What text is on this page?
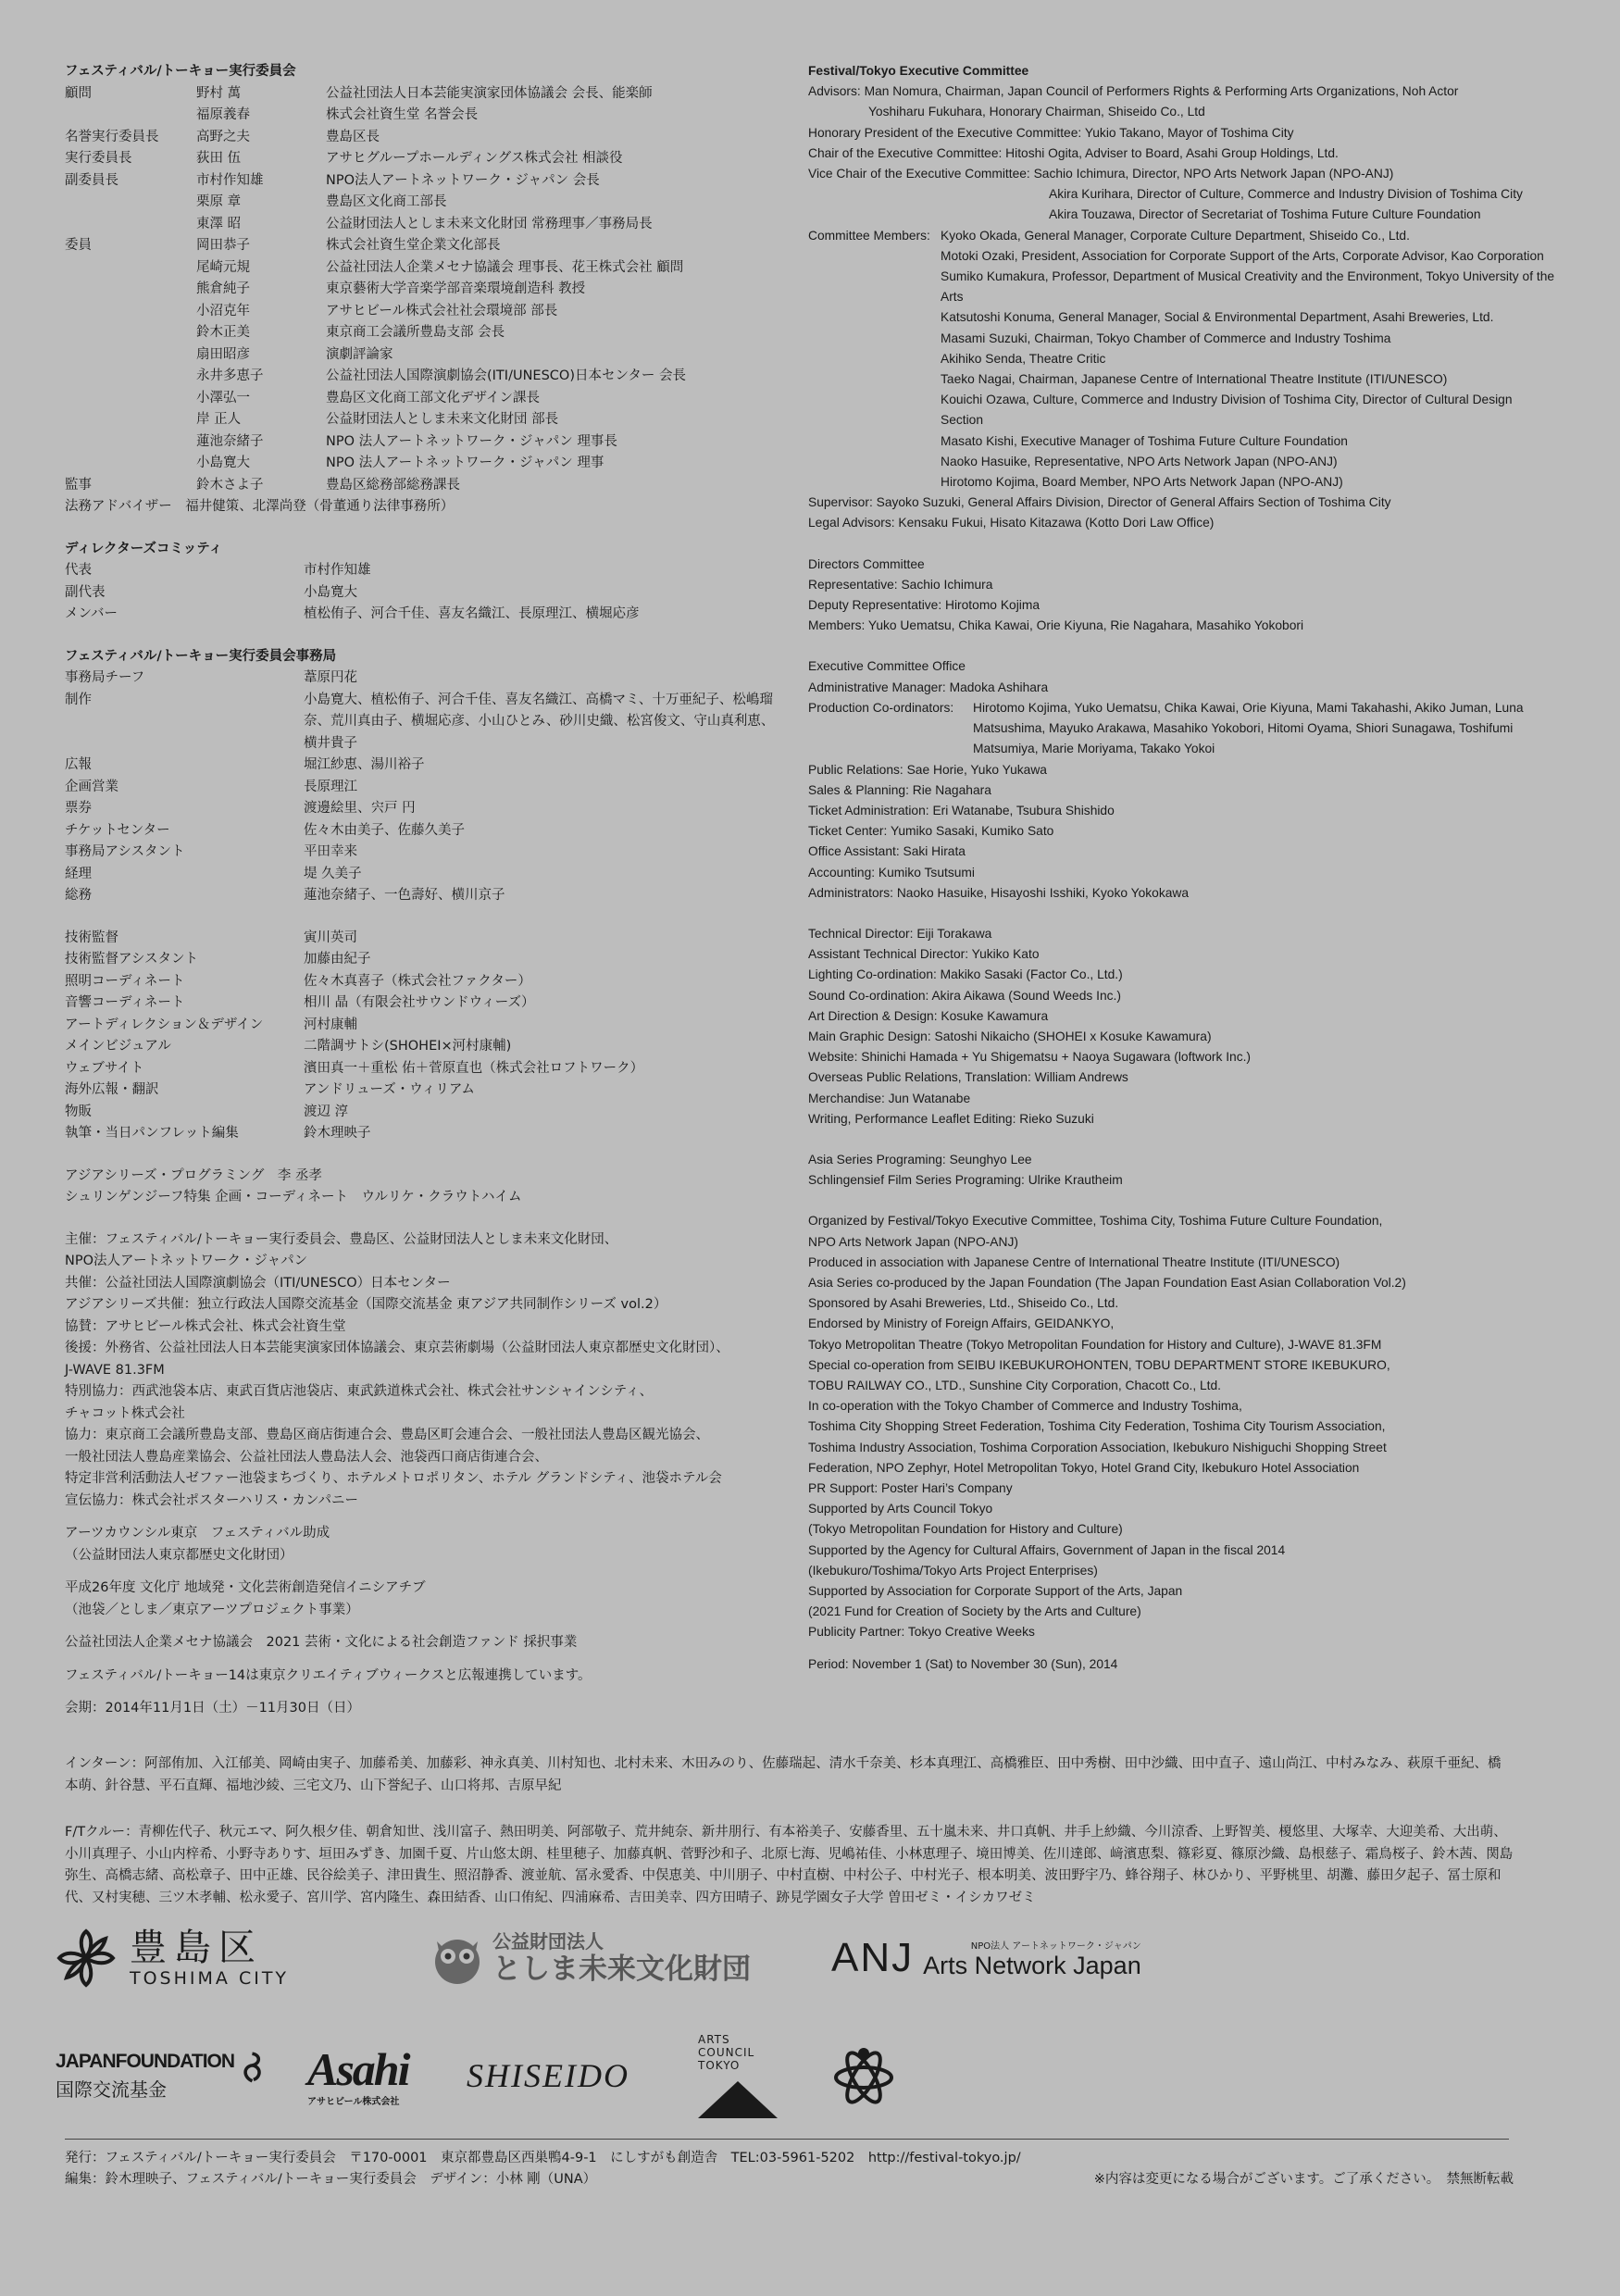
フェスティバル/トーキョー実行委員会
顧問	野村 萬	公益社団法人日本芸能実演家団体協議会 会長、能楽師
	福原義春	株式会社資生堂 名誉会長
名誉実行委員長	高野之夫	豊島区長
実行委員長	荻田 伍	アサヒグループホールディングス株式会社 相談役
副委員長	市村作知雄	NPO法人アートネットワーク・ジャパン 会長
	栗原 章	豊島区文化商工部長
	東澤 昭	公益財団法人としま未来文化財団 常務理事／事務局長
委員	岡田恭子	株式会社資生堂企業文化部長
	尾崎元規	公益社団法人企業メセナ協議会 理事長、花王株式会社 顧問
	熊倉純子	東京藝術大学音楽学部音楽環境創造科 教授
	小沼克年	アサヒビール株式会社社会環境部 部長
	鈴木正美	東京商工会議所豊島支部 会長
	扇田昭彦	演劇評論家
	永井多恵子	公益社団法人国際演劇協会(ITI/UNESCO)日本センター 会長
	小澤弘一	豊島区文化商工部文化デザイン課長
	岸 正人	公益財団法人としま未来文化財団 部長
	蓮池奈緒子	NPO 法人アートネットワーク・ジャパン 理事長
	小島寛大	NPO 法人アートネットワーク・ジャパン 理事
監事	鈴木さよ子	豊島区総務部総務課長
法務アドバイザー　福井健策、北澤尚登（骨董通り法律事務所）
ディレクターズコミッティ
代表	市村作知雄
副代表	小島寛大
メンバー	植松侑子、河合千佳、喜友名織江、長原理江、横堀応彦
フェスティバル/トーキョー実行委員会事務局
事務局チーフ	葦原円花
制作	小島寛大、植松侑子、河合千佳、喜友名織江、高橋マミ、十万亜紀子、松嶋瑠奈、荒川真由子、横堀応彦、小山ひとみ、砂川史織、松宮俊文、守山真利恵、横井貴子
広報	堀江紗恵、湯川裕子
企画営業	長原理江
票券	渡邊絵里、宍戸 円
チケットセンター	佐々木由美子、佐藤久美子
事務局アシスタント	平田幸来
経理	堤 久美子
総務	蓮池奈緒子、一色壽好、横川京子
技術監督	寅川英司
技術監督アシスタント	加藤由紀子
照明コーディネート	佐々木真喜子（株式会社ファクター）
音響コーディネート	相川 晶（有限会社サウンドウィーズ）
アートディレクション＆デザイン	河村康輔
メインビジュアル	二階調サトシ(SHOHEI×河村康輔)
ウェブサイト	濱田真一＋重松 佑＋菅原直也（株式会社ロフトワーク）
海外広報・翻訳	アンドリューズ・ウィリアム
物販	渡辺 淳
執筆・当日パンフレット編集	鈴木理映子
アジアシリーズ・プログラミング　李 丞孝
シュリンゲンジーフ特集 企画・コーディネート　ウルリケ・クラウトハイム
主催：フェスティバル/トーキョー実行委員会、豊島区、公益財団法人としま未来文化財団、
NPO法人アートネットワーク・ジャパン
共催：公益社団法人国際演劇協会（ITI/UNESCO）日本センター
アジアシリーズ共催：独立行政法人国際交流基金（国際交流基金 東アジア共同制作シリーズ vol.2）
協賛：アサヒビール株式会社、株式会社資生堂
後援：外務省、公益社団法人日本芸能実演家団体協議会、東京芸術劇場（公益財団法人東京都歴史文化財団）、
J-WAVE 81.3FM
特別協力：西武池袋本店、東武百貨店池袋店、東武鉄道株式会社、株式会社サンシャインシティ、
チャコット株式会社
協力：東京商工会議所豊島支部、豊島区商店街連合会、豊島区町会連合会、一般社団法人豊島区観光協会、
一般社団法人豊島産業協会、公益社団法人豊島法人会、池袋西口商店街連合会、
特定非営利活動法人ゼファー池袋まちづくり、ホテルメトロポリタン、ホテル グランドシティ、池袋ホテル会
宣伝協力：株式会社ポスターハリス・カンパニー
アーツカウンシル東京　フェスティバル助成
（公益財団法人東京都歴史文化財団）
平成26年度 文化庁 地域発・文化芸術創造発信イニシアチブ
（池袋／としま／東京アーツプロジェクト事業）
公益社団法人企業メセナ協議会　2021 芸術・文化による社会創造ファンド 採択事業
フェスティバル/トーキョー14は東京クリエイティブウィークスと広報連携しています。
会期：2014年11月1日（土）－11月30日（日）
Festival/Tokyo Executive Committee
Advisors: Man Nomura, Chairman, Japan Council of Performers Rights & Performing Arts Organizations, Noh Actor
Yoshiharu Fukuhara, Honorary Chairman, Shiseido Co., Ltd
Honorary President of the Executive Committee: Yukio Takano, Mayor of Toshima City
Chair of the Executive Committee: Hitoshi Ogita, Adviser to Board, Asahi Group Holdings, Ltd.
Vice Chair of the Executive Committee: Sachio Ichimura, Director, NPO Arts Network Japan (NPO-ANJ)
Akira Kurihara, Director of Culture, Commerce and Industry Division of Toshima City
Akira Touzawa, Director of Secretariat of Toshima Future Culture Foundation
Committee Members: Kyoko Okada, General Manager, Corporate Culture Department, Shiseido Co., Ltd.
Motoki Ozaki, President, Association for Corporate Support of the Arts, Corporate Advisor, Kao Corporation
Sumiko Kumakura, Professor, Department of Musical Creativity and the Environment, Tokyo University of the Arts
Katsutoshi Konuma, General Manager, Social & Environmental Department, Asahi Breweries, Ltd.
Masami Suzuki, Chairman, Tokyo Chamber of Commerce and Industry Toshima
Akihiko Senda, Theatre Critic
Taeko Nagai, Chairman, Japanese Centre of International Theatre Institute (ITI/UNESCO)
Kouichi Ozawa, Culture, Commerce and Industry Division of Toshima City, Director of Cultural Design Section
Masato Kishi, Executive Manager of Toshima Future Culture Foundation
Naoko Hasuike, Representative, NPO Arts Network Japan (NPO-ANJ)
Hirotomo Kojima, Board Member, NPO Arts Network Japan (NPO-ANJ)
Supervisor: Sayoko Suzuki, General Affairs Division, Director of General Affairs Section of Toshima City
Legal Advisors: Kensaku Fukui, Hisato Kitazawa (Kotto Dori Law Office)
Directors Committee
Representative: Sachio Ichimura
Deputy Representative: Hirotomo Kojima
Members: Yuko Uematsu, Chika Kawai, Orie Kiyuna, Rie Nagahara, Masahiko Yokobori
Executive Committee Office
Administrative Manager: Madoka Ashihara
Production Co-ordinators:	Hirotomo Kojima, Yuko Uematsu, Chika Kawai, Orie Kiyuna, Mami Takahashi, Akiko Juman, Luna Matsushima, Mayuko Arakawa, Masahiko Yokobori, Hitomi Oyama, Shiori Sunagawa, Toshifumi Matsumiya, Marie Moriyama, Takako Yokoi
Public Relations: Sae Horie, Yuko Yukawa
Sales & Planning: Rie Nagahara
Ticket Administration: Eri Watanabe, Tsubura Shishido
Ticket Center: Yumiko Sasaki, Kumiko Sato
Office Assistant: Saki Hirata
Accounting: Kumiko Tsutsumi
Administrators: Naoko Hasuike, Hisayoshi Isshiki, Kyoko Yokokawa
Technical Director: Eiji Torakawa
Assistant Technical Director: Yukiko Kato
Lighting Co-ordination: Makiko Sasaki (Factor Co., Ltd.)
Sound Co-ordination: Akira Aikawa (Sound Weeds Inc.)
Art Direction & Design: Kosuke Kawamura
Main Graphic Design: Satoshi Nikaicho (SHOHEI x Kosuke Kawamura)
Website: Shinichi Hamada + Yu Shigematsu + Naoya Sugawara (loftwork Inc.)
Overseas Public Relations, Translation: William Andrews
Merchandise: Jun Watanabe
Writing, Performance Leaflet Editing: Rieko Suzuki
Asia Series Programing: Seunghyo Lee
Schlingensief Film Series Programing: Ulrike Krautheim
Organized by Festival/Tokyo Executive Committee, Toshima City, Toshima Future Culture Foundation,
NPO Arts Network Japan (NPO-ANJ)
Produced in association with Japanese Centre of International Theatre Institute (ITI/UNESCO)
Asia Series co-produced by the Japan Foundation (The Japan Foundation East Asian Collaboration Vol.2)
Sponsored by Asahi Breweries, Ltd., Shiseido Co., Ltd.
Endorsed by Ministry of Foreign Affairs, GEIDANKYO,
Tokyo Metropolitan Theatre (Tokyo Metropolitan Foundation for History and Culture), J-WAVE 81.3FM
Special co-operation from SEIBU IKEBUKUROHONTEN, TOBU DEPARTMENT STORE IKEBUKURO,
TOBU RAILWAY CO., LTD., Sunshine City Corporation, Chacott Co., Ltd.
In co-operation with the Tokyo Chamber of Commerce and Industry Toshima,
Toshima City Shopping Street Federation, Toshima City Federation, Toshima City Tourism Association,
Toshima Industry Association, Toshima Corporation Association, Ikebukuro Nishiguchi Shopping Street
Federation, NPO Zephyr, Hotel Metropolitan Tokyo, Hotel Grand City, Ikebukuro Hotel Association
PR Support: Poster Hari’s Company
Supported by Arts Council Tokyo
(Tokyo Metropolitan Foundation for History and Culture)
Supported by the Agency for Cultural Affairs, Government of Japan in the fiscal 2014
(Ikebukuro/Toshima/Tokyo Arts Project Enterprises)
Supported by Association for Corporate Support of the Arts, Japan
(2021 Fund for Creation of Society by the Arts and Culture)
Publicity Partner: Tokyo Creative Weeks
Period: November 1 (Sat) to November 30 (Sun), 2014
インターン：阿部侑加、入江郁美、岡崎由実子、加藤希美、加藤彩、神永真美、川村知也、北村未来、木田みのり、佐藤瑞起、清水千奈美、杉本真理江、高橋雅臣、田中秀樹、田中沙織、田中直子、遠山尚江、中村みなみ、萩原千亜紀、橋本萌、針谷慧、平石直輝、福地沙綾、三宅文乃、山下誉紀子、山口将邦、吉原早紀
F/Tクルー：青柳佐代子、秋元エマ、阿久根夕佳、朝倉知世、浅川富子、熱田明美、阿部敬子、荒井純奈、新井朋行、有本裕美子、安藤香里、五十嵐未来、井口真帆、井手上紗織、今川涼香、上野智美、榎悠里、大塚幸、大迎美希、大出萌、小川真理子、小山内梓希、小野寺ありす、垣田みずき、加園千夏、片山悠太朗、桂里穂子、加藤真帆、菅野沙和子、北原七海、児嶋祐佳、小林恵理子、境田博美、佐川達郎、﨑濱恵梨、篠彩夏、篠原沙織、島根慈子、霜鳥桜子、鈴木茜、関島弥生、高橋志緒、高松章子、田中正雄、民谷絵美子、津田貴生、照沼静香、渡並航、冨永愛香、中俣恵美、中川朋子、中村直樹、中村公子、中村光子、根本明美、波田野宇乃、蜂谷翔子、林ひかり、平野桃里、胡灘、藤田夕起子、冨士原和代、又村実穂、三ツ木孝輔、松永愛子、宮川学、宮内隆生、森田結香、山口侑紀、四浦麻希、吉田美幸、四方田晴子、跡見学園女子大学 曽田ゼミ・イシカワゼミ
豊島区
TOSHIMA CITY
公益財団法人
としま未来文化財団 ANJ	NPO法人 アートネットワーク・ジャパン
Arts Network Japan
JAPANFOUNDATION
国際交流基金	Asahi
アサヒビール株式会社
SHISEIDO
ARTS
COUNCIL
TOKYO
発行：フェスティバル/トーキョー実行委員会　〒170-0001　東京都豊島区西巣鴨4-9-1　にしすがも創造舎　TEL:03-5961-5202　http://festival-tokyo.jp/
編集：鈴木理映子、フェスティバル/トーキョー実行委員会　デザイン：小林 剛（UNA）	※内容は変更になる場合がございます。ご了承ください。　禁無断転載
